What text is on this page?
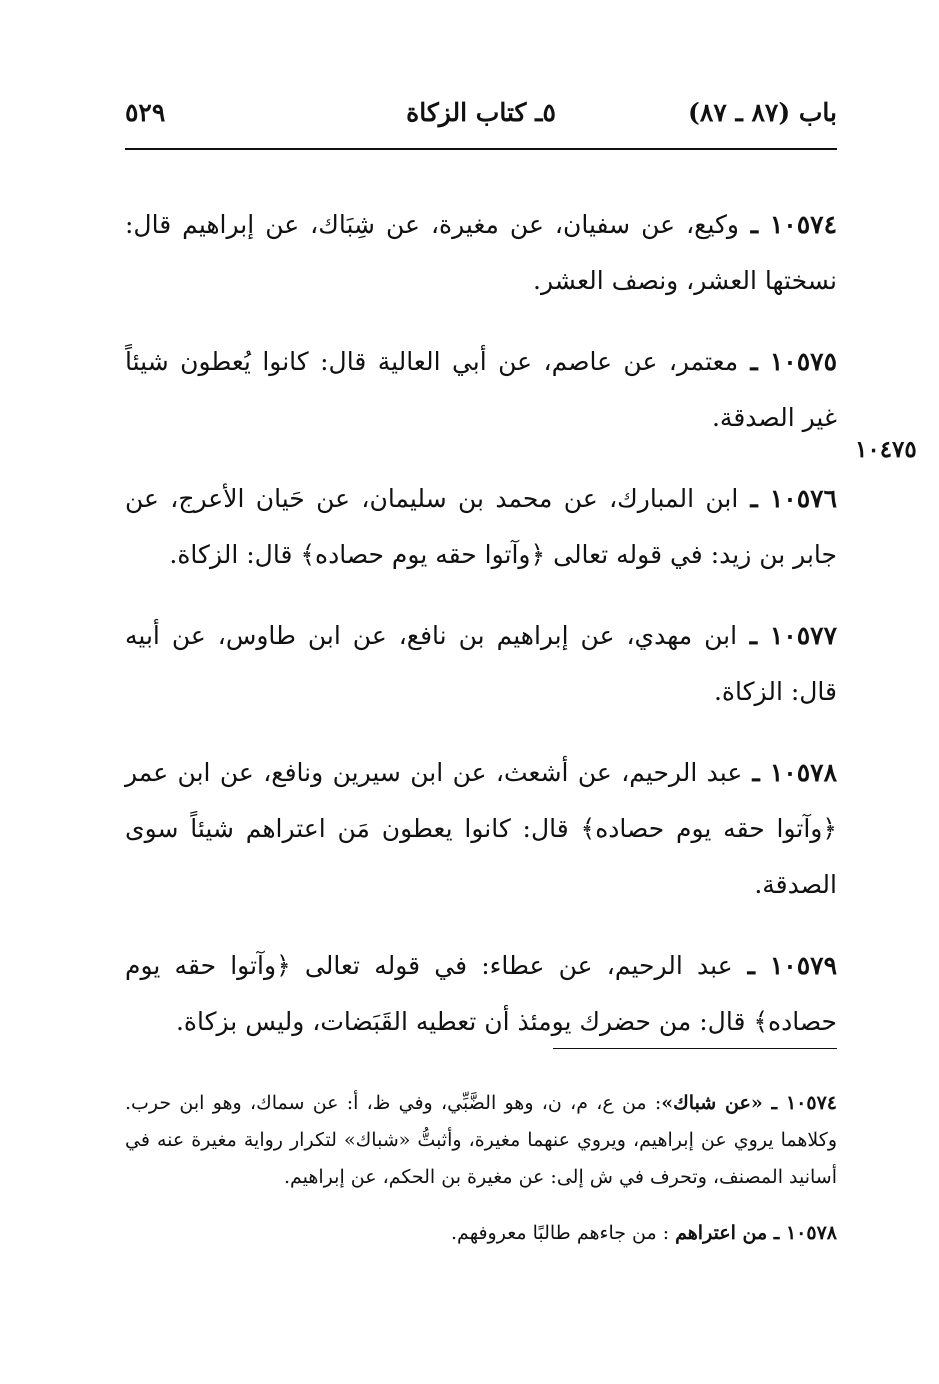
٥٢٩	٥ـ كتاب الزكاة	باب (٨٧ ـ ٨٧)
١٠٤٧٥

١٠٥٧٤ ـ وكيع، عن سفيان، عن مغيرة، عن شِبَاك، عن إبراهيم قال: نسختها العشر، ونصف العشر.

١٠٥٧٥ ـ معتمر، عن عاصم، عن أبي العالية قال: كانوا يُعطون شيئاً غير الصدقة.

١٠٥٧٦ ـ ابن المبارك، عن محمد بن سليمان، عن حَيان الأعرج، عن جابر بن زيد: في قوله تعالى ﴿وآتوا حقه يوم حصاده﴾ قال: الزكاة.

١٠٥٧٧ ـ ابن مهدي، عن إبراهيم بن نافع، عن ابن طاوس، عن أبيه قال: الزكاة.

١٠٥٧٨ ـ عبد الرحيم، عن أشعث، عن ابن سيرين ونافع، عن ابن عمر ﴿وآتوا حقه يوم حصاده﴾ قال: كانوا يعطون مَن اعتراهم شيئاً سوى الصدقة.

١٠٥٧٩ ـ عبد الرحيم، عن عطاء: في قوله تعالى ﴿وآتوا حقه يوم حصاده﴾ قال: من حضرك يومئذ أن تعطيه القَبَضات، وليس بزكاة.

١٠٥٧٤ ـ «عن شباك»: من ع، م، ن، وهو الضَّبِّي، وفي ظ، أ: عن سماك، وهو ابن حرب. وكلاهما يروي عن إبراهيم، ويروي عنهما مغيرة، وأثبتُّ «شباك» لتكرار رواية مغيرة عنه في أسانيد المصنف، وتحرف في ش إلى: عن مغيرة بن الحكم، عن إبراهيم.

١٠٥٧٨ ـ من اعتراهم : من جاءهم طالبًا معروفهم.
